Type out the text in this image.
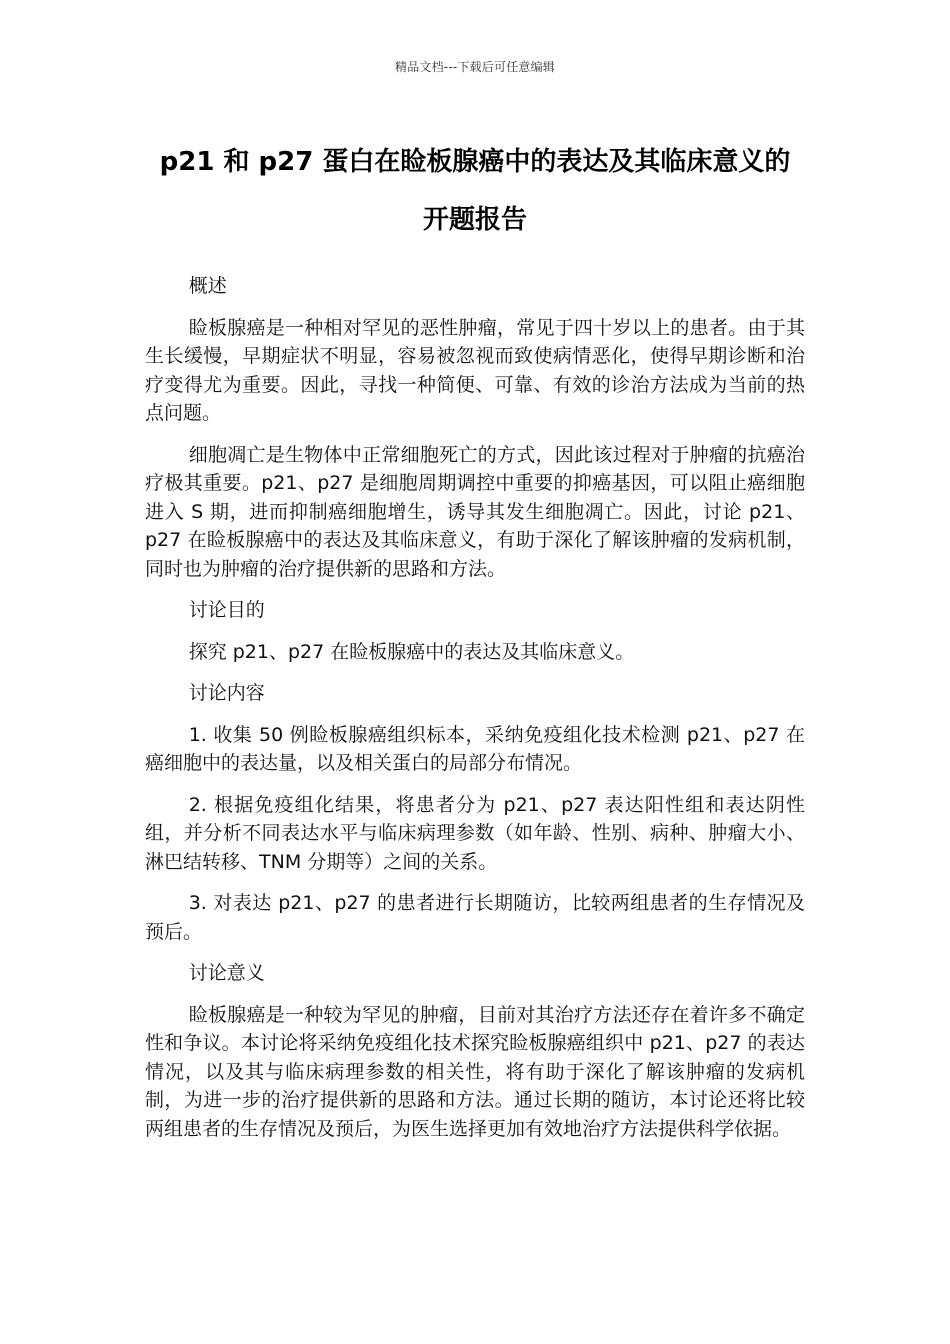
精品文档---下载后可任意编辑
p21 和 p27 蛋白在睑板腺癌中的表达及其临床意义的
开题报告

概述

睑板腺癌是一种相对罕见的恶性肿瘤，常见于四十岁以上的患者。由于其生长缓慢，早期症状不明显，容易被忽视而致使病情恶化，使得早期诊断和治疗变得尤为重要。因此，寻找一种简便、可靠、有效的诊治方法成为当前的热点问题。

细胞凋亡是生物体中正常细胞死亡的方式，因此该过程对于肿瘤的抗癌治疗极其重要。p21、p27 是细胞周期调控中重要的抑癌基因，可以阻止癌细胞进入 S 期，进而抑制癌细胞增生，诱导其发生细胞凋亡。因此，讨论 p21、p27 在睑板腺癌中的表达及其临床意义，有助于深化了解该肿瘤的发病机制，同时也为肿瘤的治疗提供新的思路和方法。

讨论目的

探究 p21、p27 在睑板腺癌中的表达及其临床意义。

讨论内容

1. 收集 50 例睑板腺癌组织标本，采纳免疫组化技术检测 p21、p27 在癌细胞中的表达量，以及相关蛋白的局部分布情况。

2. 根据免疫组化结果，将患者分为 p21、p27 表达阳性组和表达阴性组，并分析不同表达水平与临床病理参数（如年龄、性别、病种、肿瘤大小、淋巴结转移、TNM 分期等）之间的关系。

3. 对表达 p21、p27 的患者进行长期随访，比较两组患者的生存情况及预后。

讨论意义

睑板腺癌是一种较为罕见的肿瘤，目前对其治疗方法还存在着许多不确定性和争议。本讨论将采纳免疫组化技术探究睑板腺癌组织中 p21、p27 的表达情况，以及其与临床病理参数的相关性，将有助于深化了解该肿瘤的发病机制，为进一步的治疗提供新的思路和方法。通过长期的随访，本讨论还将比较两组患者的生存情况及预后，为医生选择更加有效地治疗方法提供科学依据。
